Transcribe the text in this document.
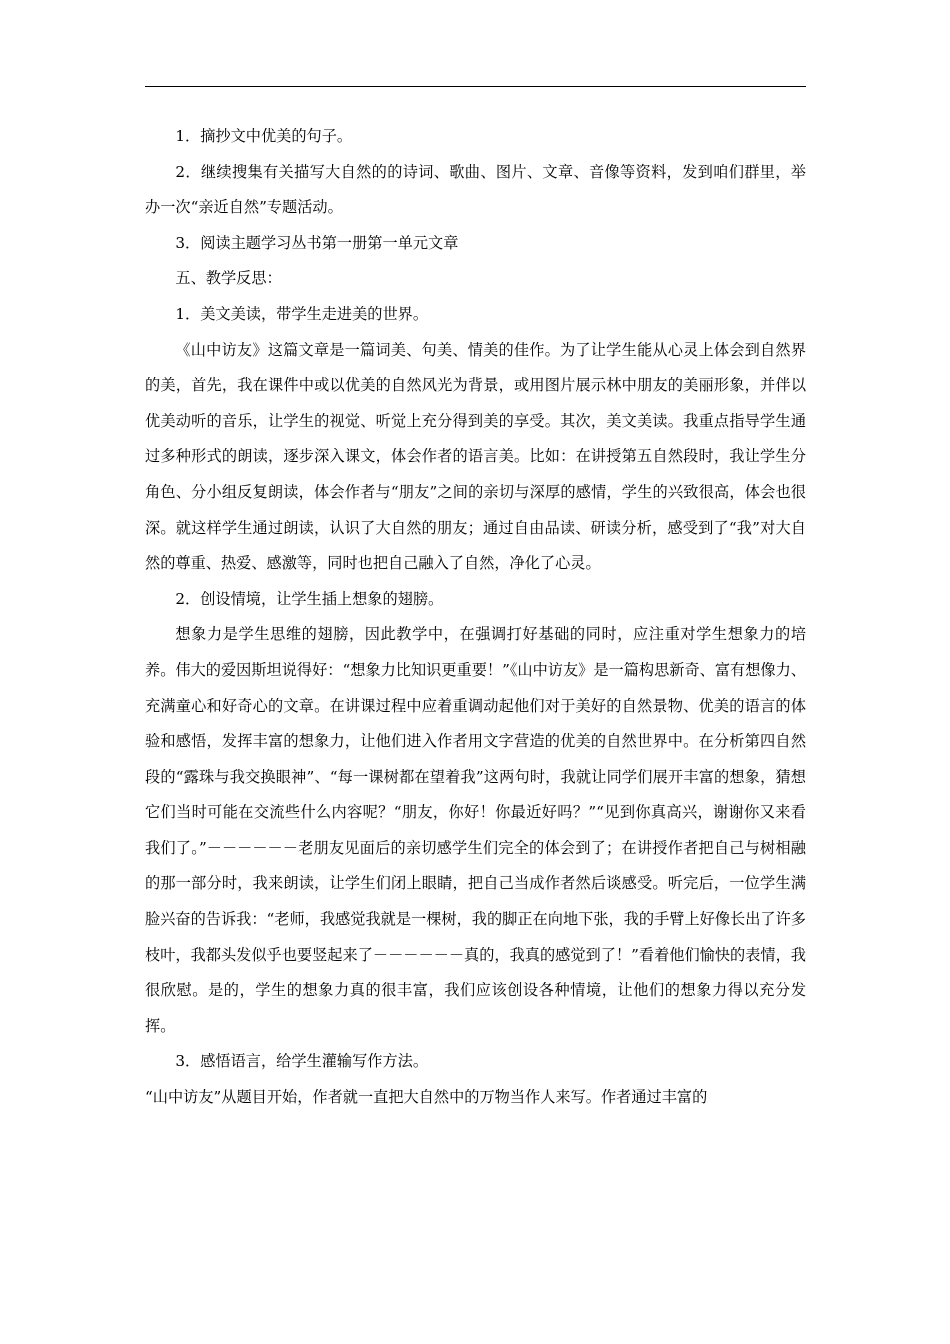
1．摘抄文中优美的句子。

2．继续搜集有关描写大自然的的诗词、歌曲、图片、文章、音像等资料，发到咱们群里，举办一次“亲近自然”专题活动。

3．阅读主题学习丛书第一册第一单元文章

五、教学反思：

1．美文美读，带学生走进美的世界。

《山中访友》这篇文章是一篇词美、句美、情美的佳作。为了让学生能从心灵上体会到自然界的美，首先，我在课件中或以优美的自然风光为背景，或用图片展示林中朋友的美丽形象，并伴以优美动听的音乐，让学生的视觉、听觉上充分得到美的享受。其次，美文美读。我重点指导学生通过多种形式的朗读，逐步深入课文，体会作者的语言美。比如：在讲授第五自然段时，我让学生分角色、分小组反复朗读，体会作者与“朋友”之间的亲切与深厚的感情，学生的兴致很高，体会也很深。就这样学生通过朗读，认识了大自然的朋友；通过自由品读、研读分析，感受到了“我”对大自然的尊重、热爱、感激等，同时也把自己融入了自然，净化了心灵。

2．创设情境，让学生插上想象的翅膀。

想象力是学生思维的翅膀，因此教学中，在强调打好基础的同时，应注重对学生想象力的培养。伟大的爱因斯坦说得好：“想象力比知识更重要！”《山中访友》是一篇构思新奇、富有想像力、充满童心和好奇心的文章。在讲课过程中应着重调动起他们对于美好的自然景物、优美的语言的体验和感悟，发挥丰富的想象力，让他们进入作者用文字营造的优美的自然世界中。在分析第四自然段的“露珠与我交换眼神”、“每一课树都在望着我”这两句时，我就让同学们展开丰富的想象，猜想它们当时可能在交流些什么内容呢？“朋友，你好！你最近好吗？”“见到你真高兴，谢谢你又来看我们了。”－－－－－－老朋友见面后的亲切感学生们完全的体会到了；在讲授作者把自己与树相融的那一部分时，我来朗读，让学生们闭上眼睛，把自己当成作者然后谈感受。听完后，一位学生满脸兴奋的告诉我：“老师，我感觉我就是一棵树，我的脚正在向地下张，我的手臂上好像长出了许多枝叶，我都头发似乎也要竖起来了－－－－－－真的，我真的感觉到了！”看着他们愉快的表情，我很欣慰。是的，学生的想象力真的很丰富，我们应该创设各种情境，让他们的想象力得以充分发挥。

3．感悟语言，给学生灌输写作方法。

“山中访友”从题目开始，作者就一直把大自然中的万物当作人来写。作者通过丰富的
